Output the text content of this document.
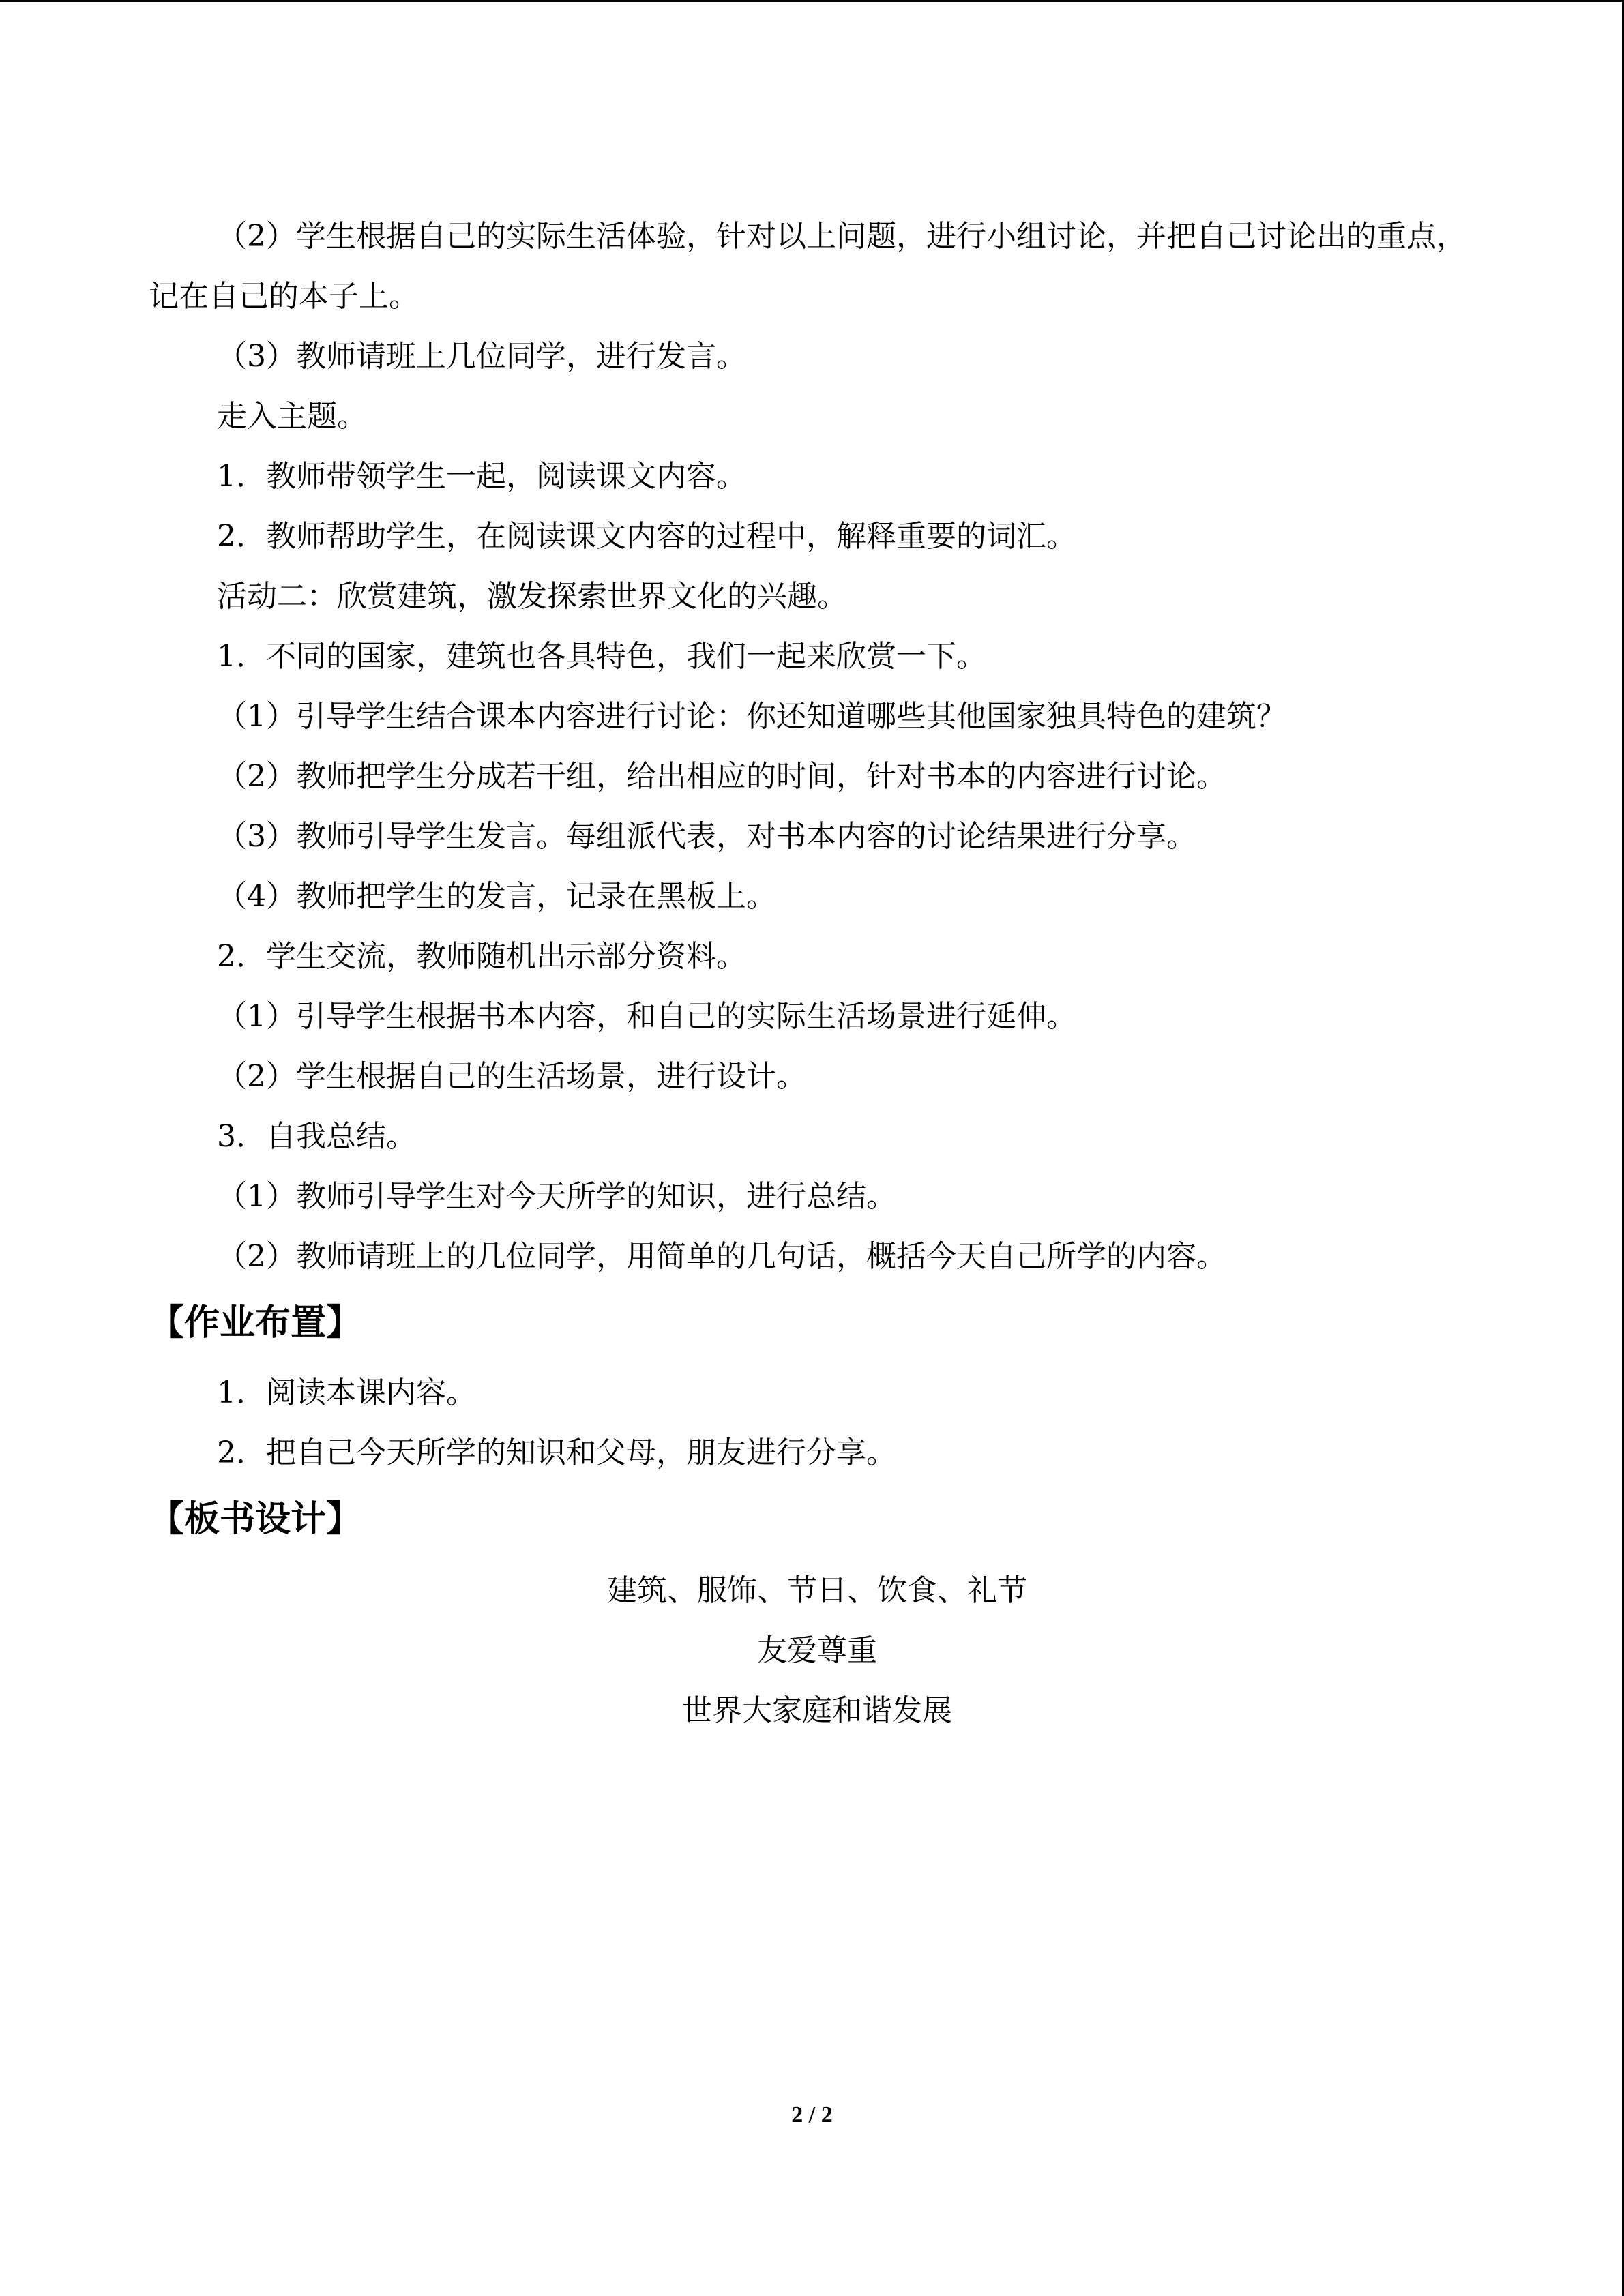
（2）学生根据自己的实际生活体验，针对以上问题，进行小组讨论，并把自己讨论出的重点，记在自己的本子上。

（3）教师请班上几位同学，进行发言。

走入主题。

1．教师带领学生一起，阅读课文内容。

2．教师帮助学生，在阅读课文内容的过程中，解释重要的词汇。

活动二：欣赏建筑，激发探索世界文化的兴趣。

1．不同的国家，建筑也各具特色，我们一起来欣赏一下。

（1）引导学生结合课本内容进行讨论：你还知道哪些其他国家独具特色的建筑？

（2）教师把学生分成若干组，给出相应的时间，针对书本的内容进行讨论。

（3）教师引导学生发言。每组派代表，对书本内容的讨论结果进行分享。

（4）教师把学生的发言，记录在黑板上。

2．学生交流，教师随机出示部分资料。

（1）引导学生根据书本内容，和自己的实际生活场景进行延伸。

（2）学生根据自己的生活场景，进行设计。

3．自我总结。

（1）教师引导学生对今天所学的知识，进行总结。

（2）教师请班上的几位同学，用简单的几句话，概括今天自己所学的内容。

【作业布置】

1．阅读本课内容。

2．把自己今天所学的知识和父母，朋友进行分享。

【板书设计】

建筑、服饰、节日、饮食、礼节

友爱尊重

世界大家庭和谐发展

2 / 2
